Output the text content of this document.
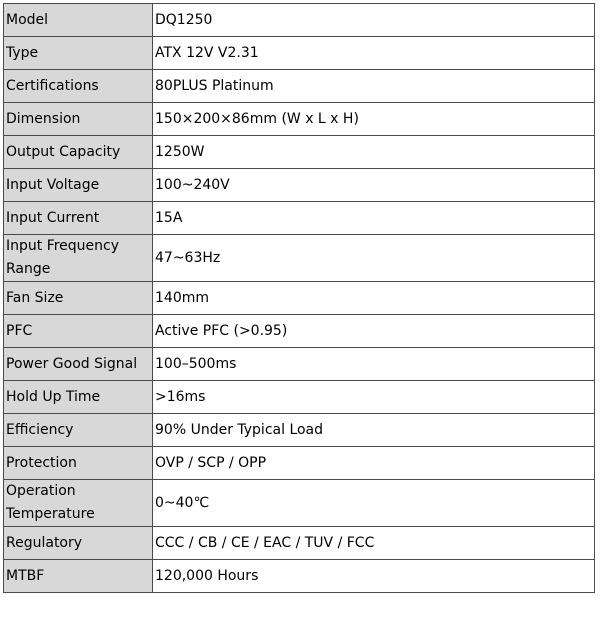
Model	DQ1250
Type	ATX 12V V2.31
Certifications	80PLUS Platinum
Dimension	150×200×86mm (W x L x H)
Output Capacity	1250W
Input Voltage	100~240V
Input Current	15A
Input Frequency Range	47~63Hz
Fan Size	140mm
PFC	Active PFC (>0.95)
Power Good Signal	100–500ms
Hold Up Time	>16ms
Efficiency	90% Under Typical Load
Protection	OVP / SCP / OPP
Operation Temperature	0~40℃
Regulatory	CCC / CB / CE / EAC / TUV / FCC
MTBF	120,000 Hours
